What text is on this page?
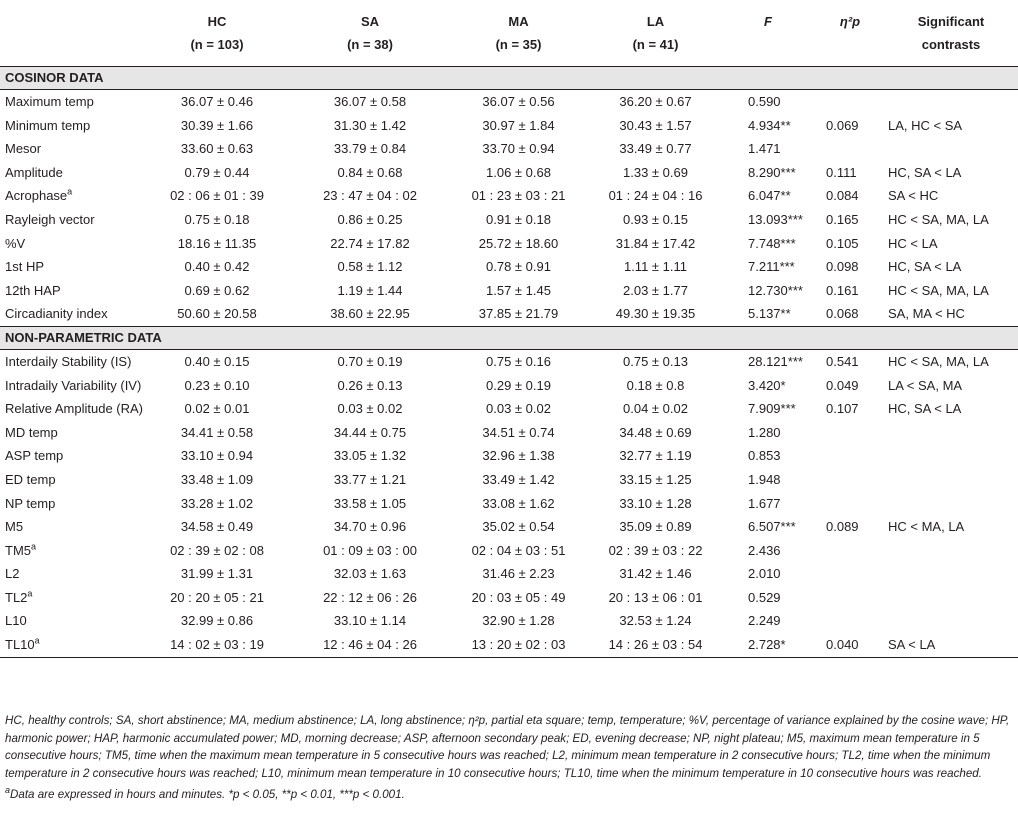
	HC	SA	MA	LA	F	η²p	Significant
	(n = 103)	(n = 38)	(n = 35)	(n = 41)			contrasts
COSINOR DATA							
Maximum temp	36.07 ± 0.46	36.07 ± 0.58	36.07 ± 0.56	36.20 ± 0.67	0.590		
Minimum temp	30.39 ± 1.66	31.30 ± 1.42	30.97 ± 1.84	30.43 ± 1.57	4.934**	0.069	LA, HC < SA
Mesor	33.60 ± 0.63	33.79 ± 0.84	33.70 ± 0.94	33.49 ± 0.77	1.471		
Amplitude	0.79 ± 0.44	0.84 ± 0.68	1.06 ± 0.68	1.33 ± 0.69	8.290***	0.111	HC, SA < LA
Acrophase$^a$	02 : 06 ± 01 : 39	23 : 47 ± 04 : 02	01 : 23 ± 03 : 21	01 : 24 ± 04 : 16	6.047**	0.084	SA < HC
Rayleigh vector	0.75 ± 0.18	0.86 ± 0.25	0.91 ± 0.18	0.93 ± 0.15	13.093***	0.165	HC < SA, MA, LA
%V	18.16 ± 11.35	22.74 ± 17.82	25.72 ± 18.60	31.84 ± 17.42	7.748***	0.105	HC < LA
1st HP	0.40 ± 0.42	0.58 ± 1.12	0.78 ± 0.91	1.11 ± 1.11	7.211***	0.098	HC, SA < LA
12th HAP	0.69 ± 0.62	1.19 ± 1.44	1.57 ± 1.45	2.03 ± 1.77	12.730***	0.161	HC < SA, MA, LA
Circadianity index	50.60 ± 20.58	38.60 ± 22.95	37.85 ± 21.79	49.30 ± 19.35	5.137**	0.068	SA, MA < HC
NON-PARAMETRIC DATA							
Interdaily Stability (IS)	0.40 ± 0.15	0.70 ± 0.19	0.75 ± 0.16	0.75 ± 0.13	28.121***	0.541	HC < SA, MA, LA
Intradaily Variability (IV)	0.23 ± 0.10	0.26 ± 0.13	0.29 ± 0.19	0.18 ± 0.8	3.420*	0.049	LA < SA, MA
Relative Amplitude (RA)	0.02 ± 0.01	0.03 ± 0.02	0.03 ± 0.02	0.04 ± 0.02	7.909***	0.107	HC, SA < LA
MD temp	34.41 ± 0.58	34.44 ± 0.75	34.51 ± 0.74	34.48 ± 0.69	1.280		
ASP temp	33.10 ± 0.94	33.05 ± 1.32	32.96 ± 1.38	32.77 ± 1.19	0.853		
ED temp	33.48 ± 1.09	33.77 ± 1.21	33.49 ± 1.42	33.15 ± 1.25	1.948		
NP temp	33.28 ± 1.02	33.58 ± 1.05	33.08 ± 1.62	33.10 ± 1.28	1.677		
M5	34.58 ± 0.49	34.70 ± 0.96	35.02 ± 0.54	35.09 ± 0.89	6.507***	0.089	HC < MA, LA
TM5$^a$	02 : 39 ± 02 : 08	01 : 09 ± 03 : 00	02 : 04 ± 03 : 51	02 : 39 ± 03 : 22	2.436		
L2	31.99 ± 1.31	32.03 ± 1.63	31.46 ± 2.23	31.42 ± 1.46	2.010		
TL2$^a$	20 : 20 ± 05 : 21	22 : 12 ± 06 : 26	20 : 03 ± 05 : 49	20 : 13 ± 06 : 01	0.529		
L10	32.99 ± 0.86	33.10 ± 1.14	32.90 ± 1.28	32.53 ± 1.24	2.249		
TL10$^a$	14 : 02 ± 03 : 19	12 : 46 ± 04 : 26	13 : 20 ± 02 : 03	14 : 26 ± 03 : 54	2.728*	0.040	SA < LA

HC, healthy controls; SA, short abstinence; MA, medium abstinence; LA, long abstinence; η²p, partial eta square; temp, temperature; %V, percentage of variance explained by the cosine wave; HP, harmonic power; HAP, harmonic accumulated power; MD, morning decrease; ASP, afternoon secondary peak; ED, evening decrease; NP, night plateau; M5, maximum mean temperature in 5 consecutive hours; TM5, time when the maximum mean temperature in 5 consecutive hours was reached; L2, minimum mean temperature in 2 consecutive hours; TL2, time when the minimum temperature in 2 consecutive hours was reached; L10, minimum mean temperature in 10 consecutive hours; TL10, time when the minimum temperature in 10 consecutive hours was reached.

$^a$Data are expressed in hours and minutes. *p < 0.05, **p < 0.01, ***p < 0.001.
